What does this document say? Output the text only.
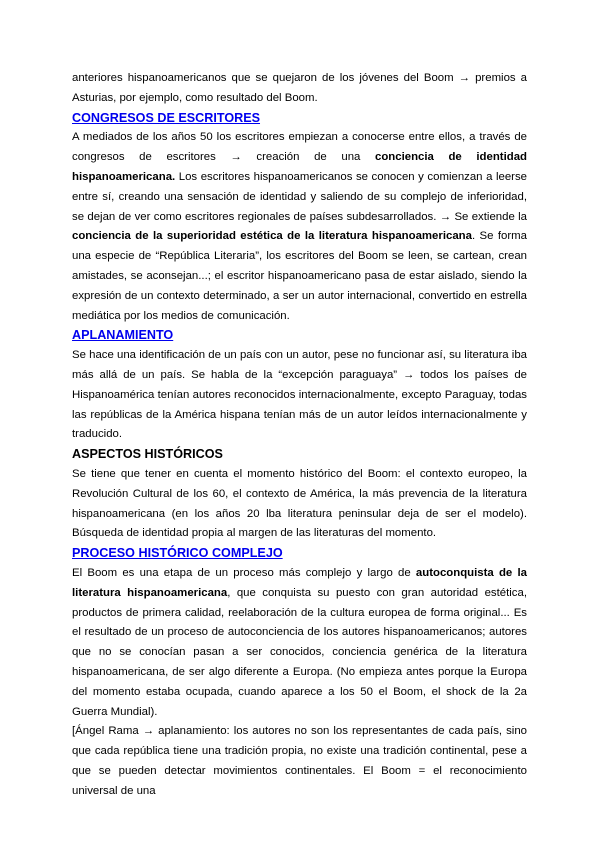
anteriores hispanoamericanos que se quejaron de los jóvenes del Boom → premios a Asturias, por ejemplo, como resultado del Boom.

CONGRESOS DE ESCRITORES

A mediados de los años 50 los escritores empiezan a conocerse entre ellos, a través de congresos de escritores → creación de una conciencia de identidad hispanoamericana. Los escritores hispanoamericanos se conocen y comienzan a leerse entre sí, creando una sensación de identidad y saliendo de su complejo de inferioridad, se dejan de ver como escritores regionales de países subdesarrollados. → Se extiende la conciencia de la superioridad estética de la literatura hispanoamericana. Se forma una especie de “República Literaria”, los escritores del Boom se leen, se cartean, crean amistades, se aconsejan...; el escritor hispanoamericano pasa de estar aislado, siendo la expresión de un contexto determinado, a ser un autor internacional, convertido en estrella mediática por los medios de comunicación.

APLANAMIENTO

Se hace una identificación de un país con un autor, pese no funcionar así, su literatura iba más allá de un país. Se habla de la “excepción paraguaya” → todos los países de Hispanoamérica tenían autores reconocidos internacionalmente, excepto Paraguay, todas las repúblicas de la América hispana tenían más de un autor leídos internacionalmente y traducido.

ASPECTOS HISTÓRICOS

Se tiene que tener en cuenta el momento histórico del Boom: el contexto europeo, la Revolución Cultural de los 60, el contexto de América, la más prevencia de la literatura hispanoamericana (en los años 20 lba literatura peninsular deja de ser el modelo). Búsqueda de identidad propia al margen de las literaturas del momento.

PROCESO HISTÓRICO COMPLEJO

El Boom es una etapa de un proceso más complejo y largo de autoconquista de la literatura hispanoamericana, que conquista su puesto con gran autoridad estética, productos de primera calidad, reelaboración de la cultura europea de forma original... Es el resultado de un proceso de autoconciencia de los autores hispanoamericanos; autores que no se conocían pasan a ser conocidos, conciencia genérica de la literatura hispanoamericana, de ser algo diferente a Europa. (No empieza antes porque la Europa del momento estaba ocupada, cuando aparece a los 50 el Boom, el shock de la 2a Guerra Mundial).

[Ángel Rama → aplanamiento: los autores no son los representantes de cada país, sino que cada república tiene una tradición propia, no existe una tradición continental, pese a que se pueden detectar movimientos continentales. El Boom = el reconocimiento universal de una
